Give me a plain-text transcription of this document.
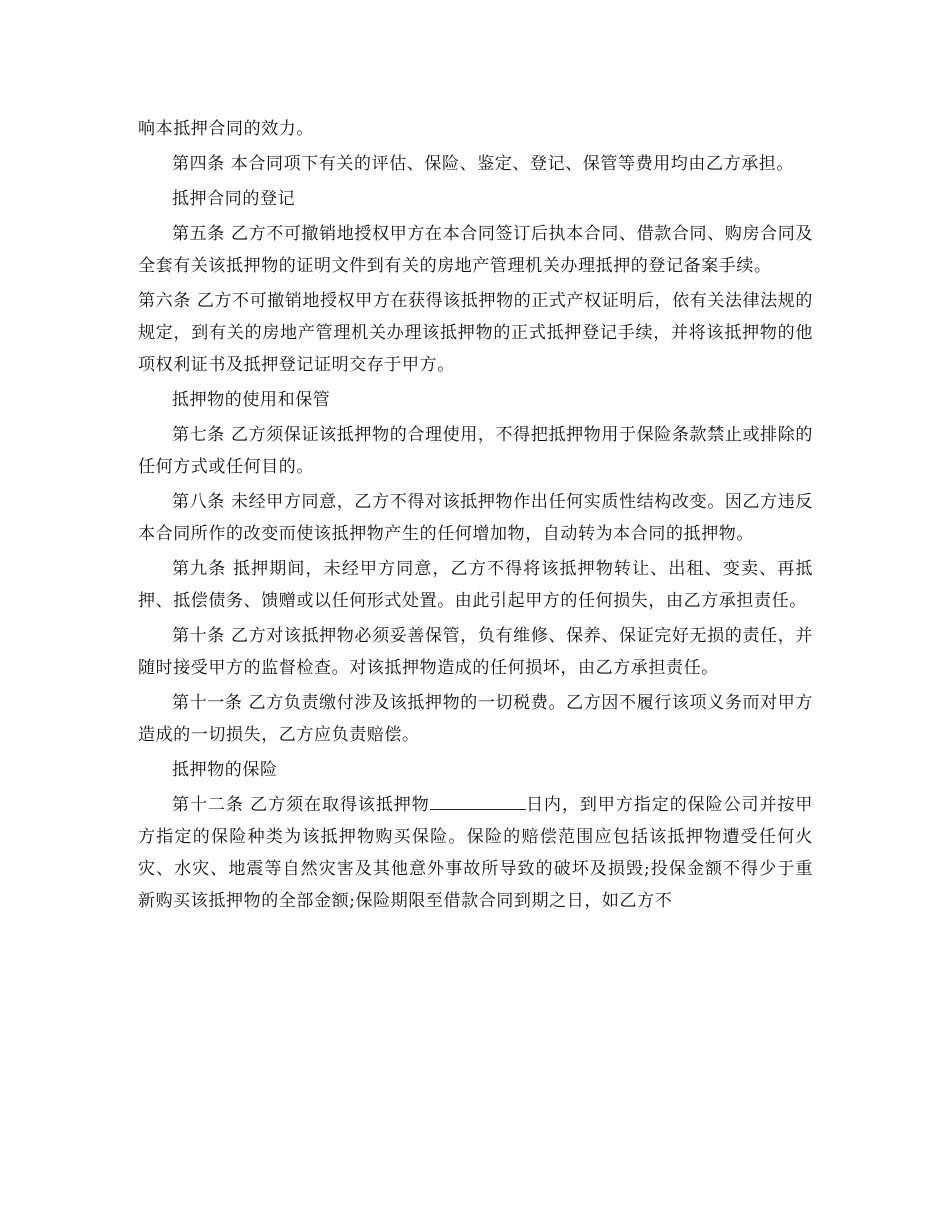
响本抵押合同的效力。

第四条 本合同项下有关的评估、保险、鉴定、登记、保管等费用均由乙方承担。

抵押合同的登记

第五条 乙方不可撤销地授权甲方在本合同签订后执本合同、借款合同、购房合同及全套有关该抵押物的证明文件到有关的房地产管理机关办理抵押的登记备案手续。

第六条 乙方不可撤销地授权甲方在获得该抵押物的正式产权证明后，依有关法律法规的规定，到有关的房地产管理机关办理该抵押物的正式抵押登记手续，并将该抵押物的他项权利证书及抵押登记证明交存于甲方。

抵押物的使用和保管

第七条 乙方须保证该抵押物的合理使用，不得把抵押物用于保险条款禁止或排除的任何方式或任何目的。

第八条 未经甲方同意，乙方不得对该抵押物作出任何实质性结构改变。因乙方违反本合同所作的改变而使该抵押物产生的任何增加物，自动转为本合同的抵押物。

第九条 抵押期间，未经甲方同意，乙方不得将该抵押物转让、出租、变卖、再抵押、抵偿债务、馈赠或以任何形式处置。由此引起甲方的任何损失，由乙方承担责任。

第十条 乙方对该抵押物必须妥善保管，负有维修、保养、保证完好无损的责任，并随时接受甲方的监督检查。对该抵押物造成的任何损坏，由乙方承担责任。

第十一条 乙方负责缴付涉及该抵押物的一切税费。乙方因不履行该项义务而对甲方造成的一切损失，乙方应负责赔偿。

抵押物的保险

第十二条 乙方须在取得该抵押物	日内，到甲方指定的保险公司并按甲方指定的保险种类为该抵押物购买保险。保险的赔偿范围应包括该抵押物遭受任何火灾、水灾、地震等自然灾害及其他意外事故所导致的破坏及损毁;投保金额不得少于重新购买该抵押物的全部金额;保险期限至借款合同到期之日，如乙方不
